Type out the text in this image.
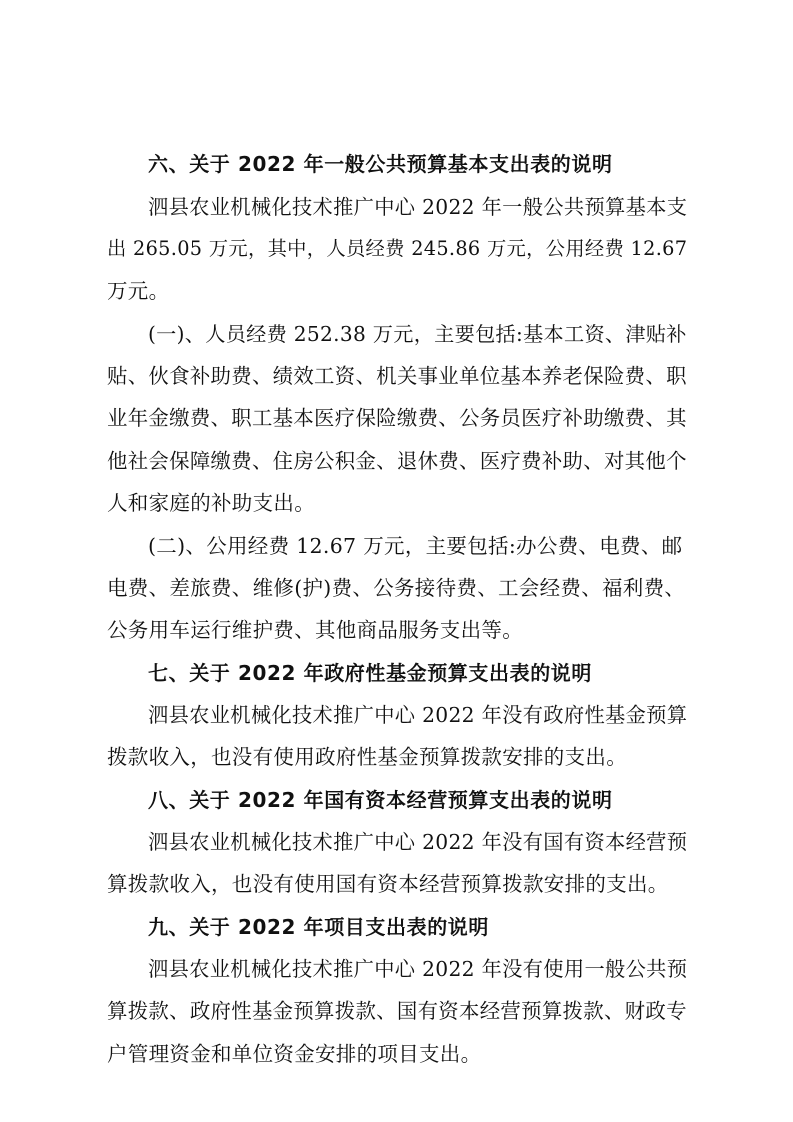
六、关于 2022 年一般公共预算基本支出表的说明
泗县农业机械化技术推广中心 2022 年一般公共预算基本支
出 265.05 万元，其中，人员经费 245.86 万元，公用经费 12.67
万元。
(一)、人员经费 252.38 万元，主要包括:基本工资、津贴补
贴、伙食补助费、绩效工资、机关事业单位基本养老保险费、职
业年金缴费、职工基本医疗保险缴费、公务员医疗补助缴费、其
他社会保障缴费、住房公积金、退休费、医疗费补助、对其他个
人和家庭的补助支出。
(二)、公用经费 12.67 万元，主要包括:办公费、电费、邮
电费、差旅费、维修(护)费、公务接待费、工会经费、福利费、
公务用车运行维护费、其他商品服务支出等。
七、关于 2022 年政府性基金预算支出表的说明
泗县农业机械化技术推广中心 2022 年没有政府性基金预算
拨款收入，也没有使用政府性基金预算拨款安排的支出。
八、关于 2022 年国有资本经营预算支出表的说明
泗县农业机械化技术推广中心 2022 年没有国有资本经营预
算拨款收入，也没有使用国有资本经营预算拨款安排的支出。
九、关于 2022 年项目支出表的说明
泗县农业机械化技术推广中心 2022 年没有使用一般公共预
算拨款、政府性基金预算拨款、国有资本经营预算拨款、财政专
户管理资金和单位资金安排的项目支出。
